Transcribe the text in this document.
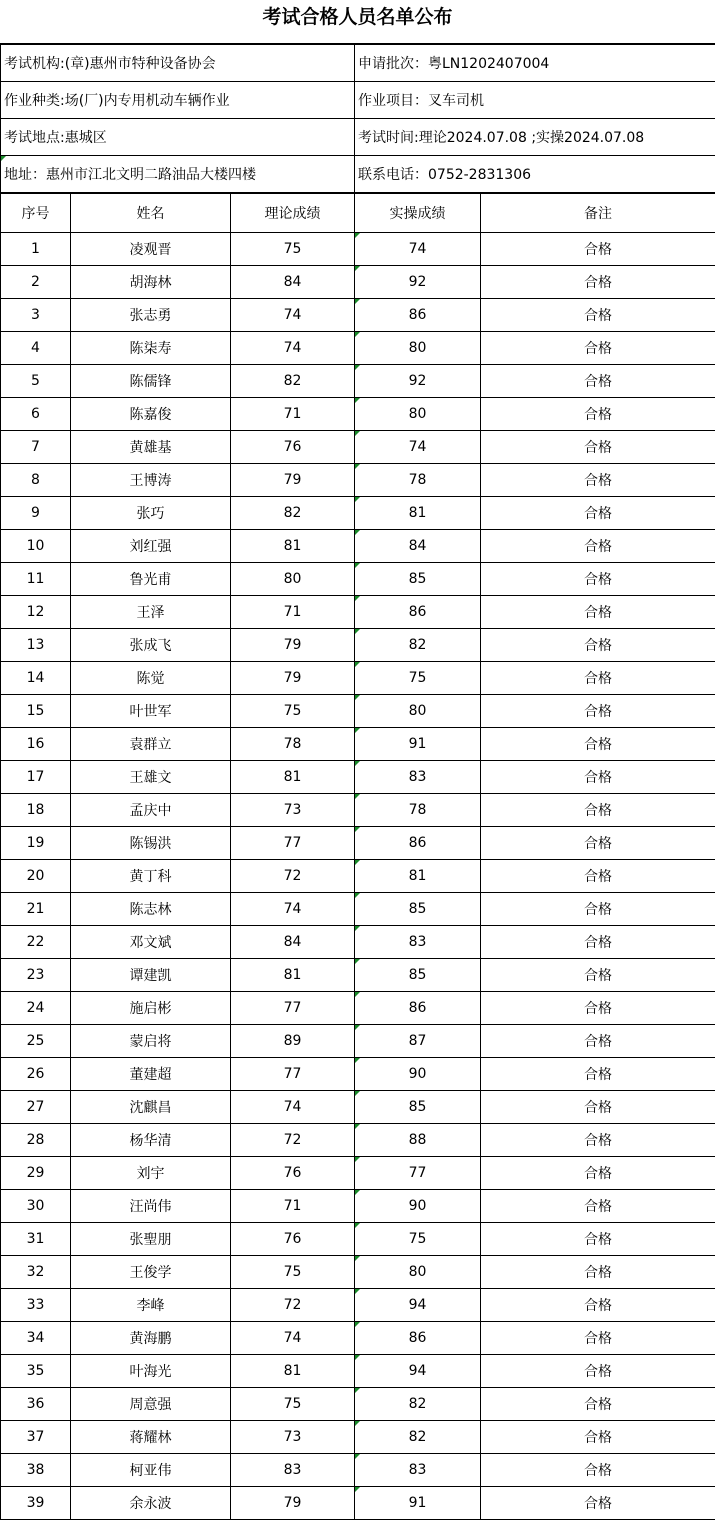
考试合格人员名单公布
考试机构:(章)惠州市特种设备协会	申请批次：粤LN1202407004
作业种类:场(厂)内专用机动车辆作业	作业项目：叉车司机
考试地点:惠城区	考试时间:理论2024.07.08 ;实操2024.07.08
地址：惠州市江北文明二路油品大楼四楼	联系电话：0752-2831306
序号	姓名	理论成绩	实操成绩	备注
1	凌观晋	75	74	合格
2	胡海林	84	92	合格
3	张志勇	74	86	合格
4	陈柒寿	74	80	合格
5	陈儒锋	82	92	合格
6	陈嘉俊	71	80	合格
7	黄雄基	76	74	合格
8	王博涛	79	78	合格
9	张巧	82	81	合格
10	刘红强	81	84	合格
11	鲁光甫	80	85	合格
12	王泽	71	86	合格
13	张成飞	79	82	合格
14	陈觉	79	75	合格
15	叶世军	75	80	合格
16	袁群立	78	91	合格
17	王雄文	81	83	合格
18	孟庆中	73	78	合格
19	陈锡洪	77	86	合格
20	黄丁科	72	81	合格
21	陈志林	74	85	合格
22	邓文斌	84	83	合格
23	谭建凯	81	85	合格
24	施启彬	77	86	合格
25	蒙启将	89	87	合格
26	董建超	77	90	合格
27	沈麒昌	74	85	合格
28	杨华清	72	88	合格
29	刘宇	76	77	合格
30	汪尚伟	71	90	合格
31	张聖朋	76	75	合格
32	王俊学	75	80	合格
33	李峰	72	94	合格
34	黄海鹏	74	86	合格
35	叶海光	81	94	合格
36	周意强	75	82	合格
37	蒋耀林	73	82	合格
38	柯亚伟	83	83	合格
39	余永波	79	91	合格
